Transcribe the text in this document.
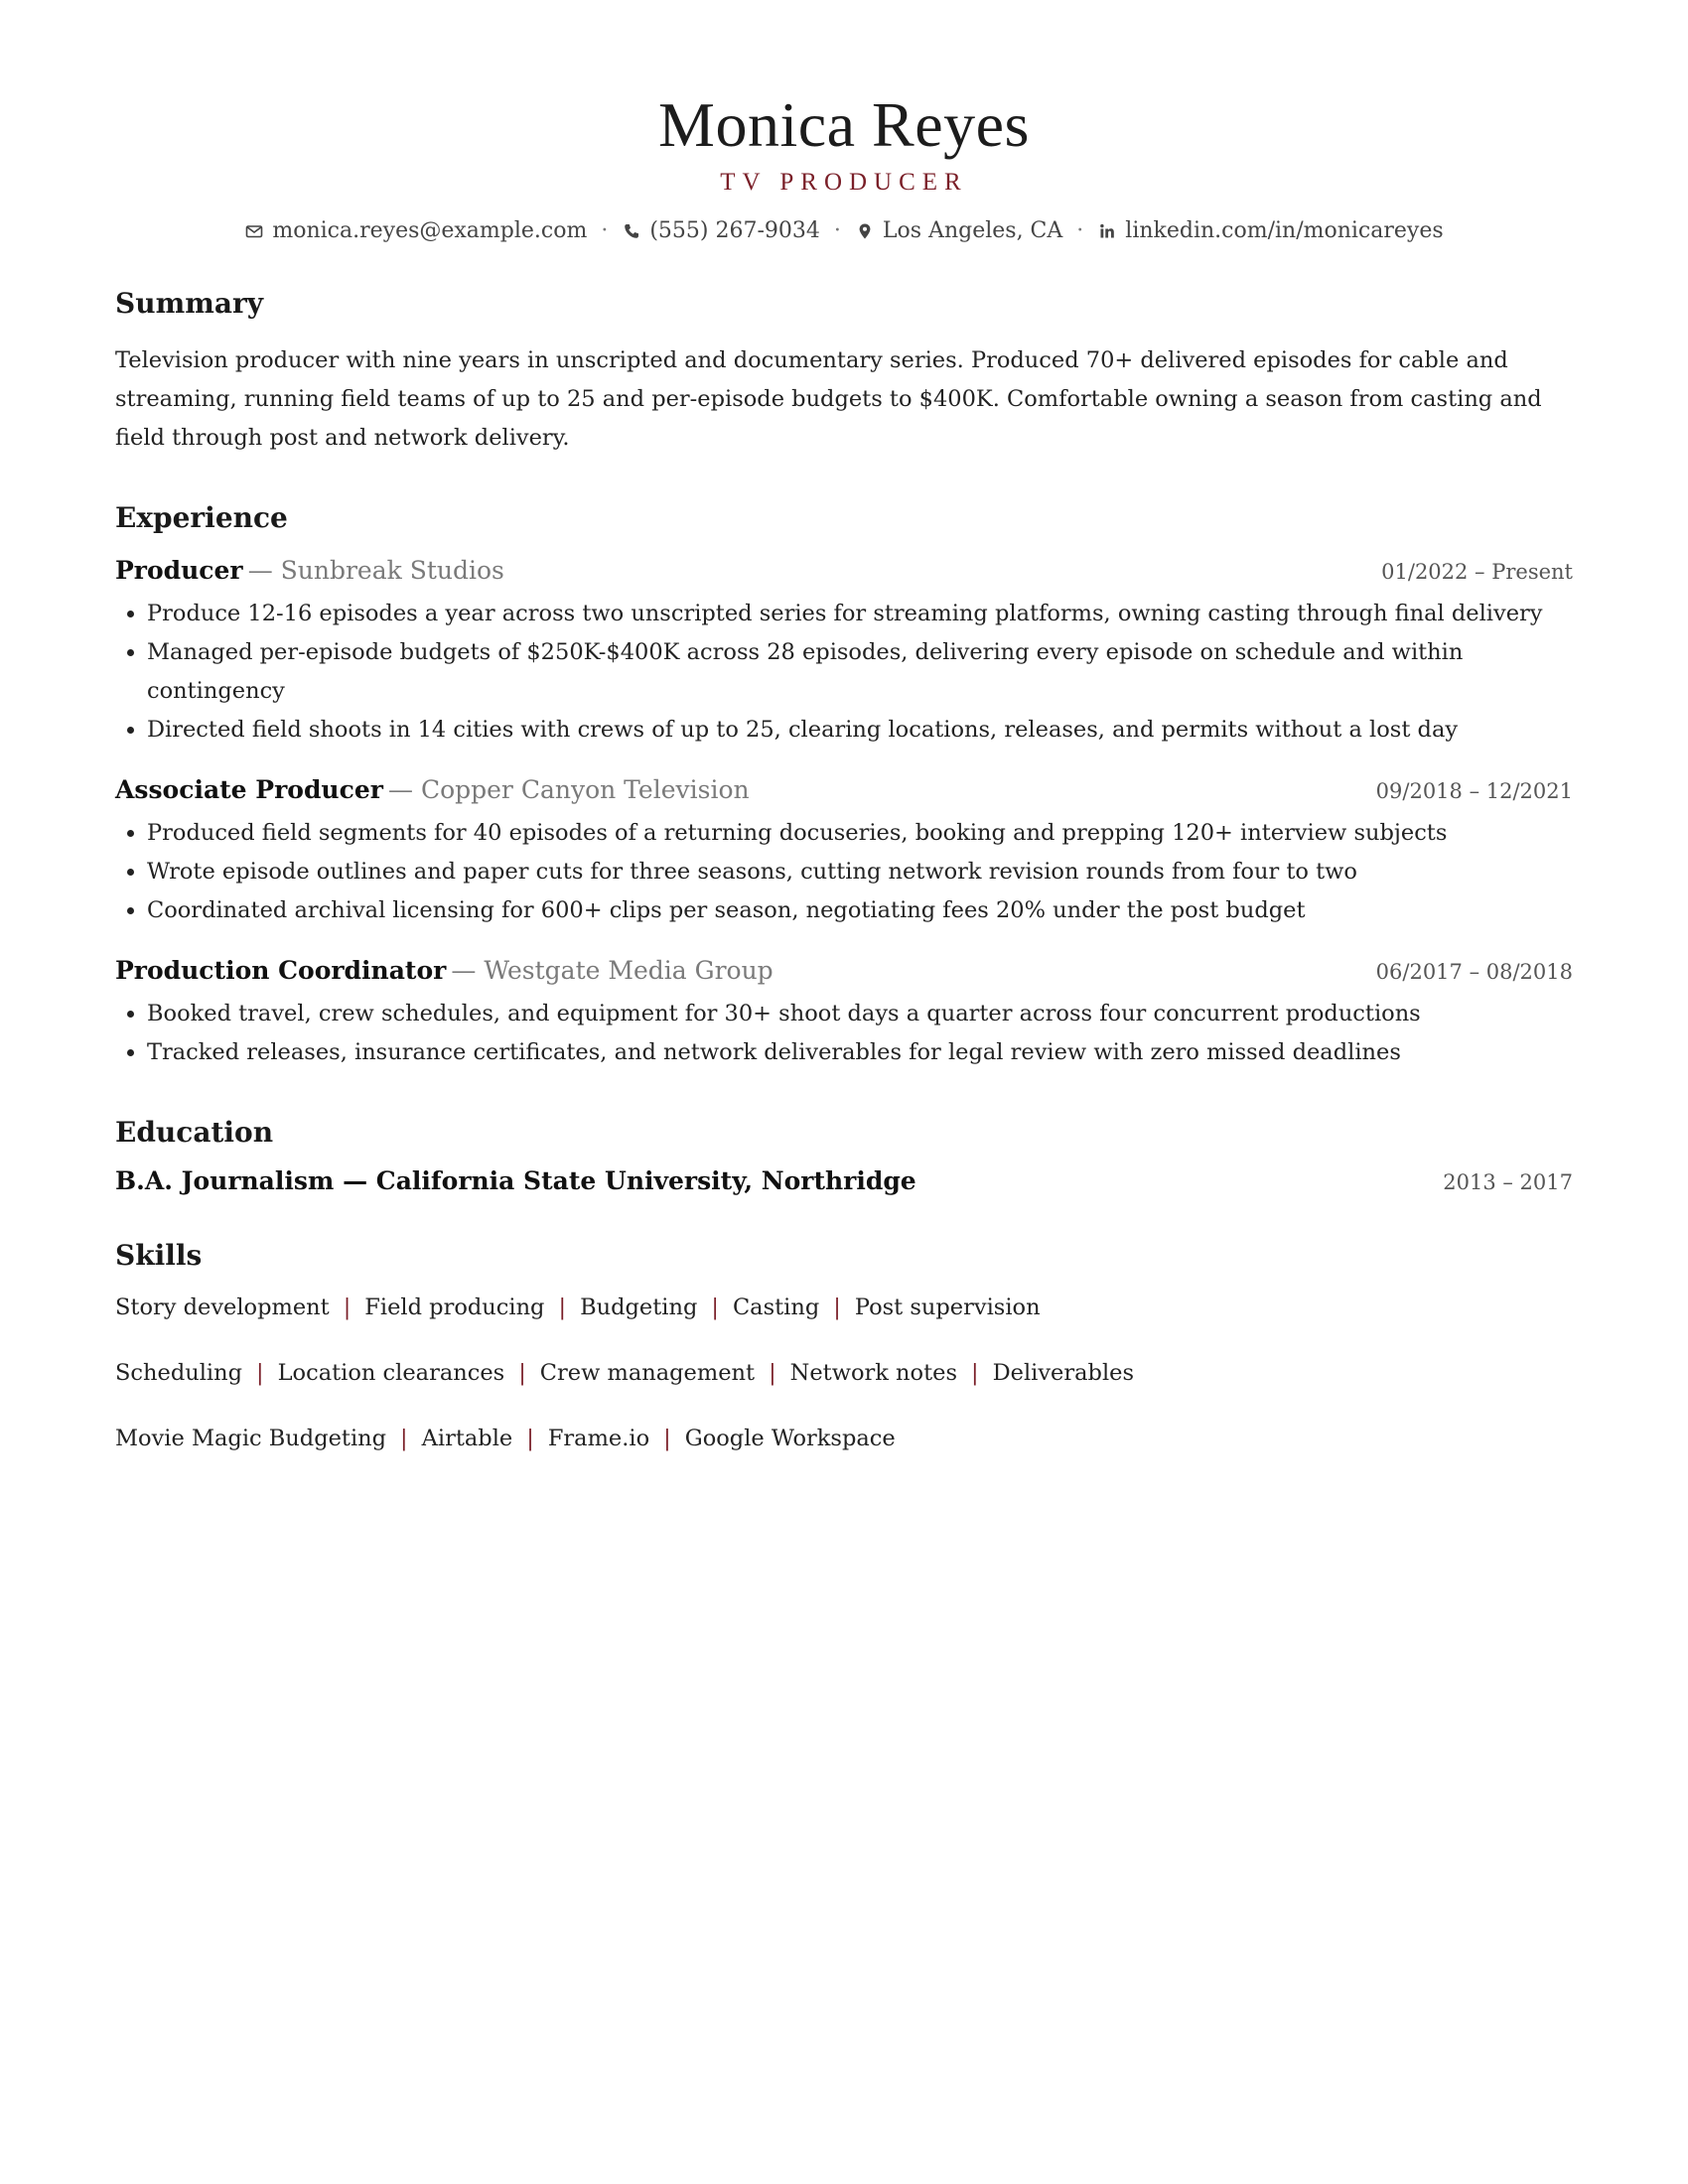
Monica Reyes
TV PRODUCER
monica.reyes@example.com · (555) 267-9034 · Los Angeles, CA · linkedin.com/in/monicareyes
Summary
Television producer with nine years in unscripted and documentary series. Produced 70+ delivered episodes for cable and streaming, running field teams of up to 25 and per-episode budgets to $400K. Comfortable owning a season from casting and field through post and network delivery.
Experience
Producer — Sunbreak Studios	01/2022 – Present
• Produce 12-16 episodes a year across two unscripted series for streaming platforms, owning casting through final delivery
• Managed per-episode budgets of $250K-$400K across 28 episodes, delivering every episode on schedule and within contingency
• Directed field shoots in 14 cities with crews of up to 25, clearing locations, releases, and permits without a lost day
Associate Producer — Copper Canyon Television	09/2018 – 12/2021
• Produced field segments for 40 episodes of a returning docuseries, booking and prepping 120+ interview subjects
• Wrote episode outlines and paper cuts for three seasons, cutting network revision rounds from four to two
• Coordinated archival licensing for 600+ clips per season, negotiating fees 20% under the post budget
Production Coordinator — Westgate Media Group	06/2017 – 08/2018
• Booked travel, crew schedules, and equipment for 30+ shoot days a quarter across four concurrent productions
• Tracked releases, insurance certificates, and network deliverables for legal review with zero missed deadlines
Education
B.A. Journalism — California State University, Northridge	2013 – 2017
Skills
Story development | Field producing | Budgeting | Casting | Post supervision
Scheduling | Location clearances | Crew management | Network notes | Deliverables
Movie Magic Budgeting | Airtable | Frame.io | Google Workspace
